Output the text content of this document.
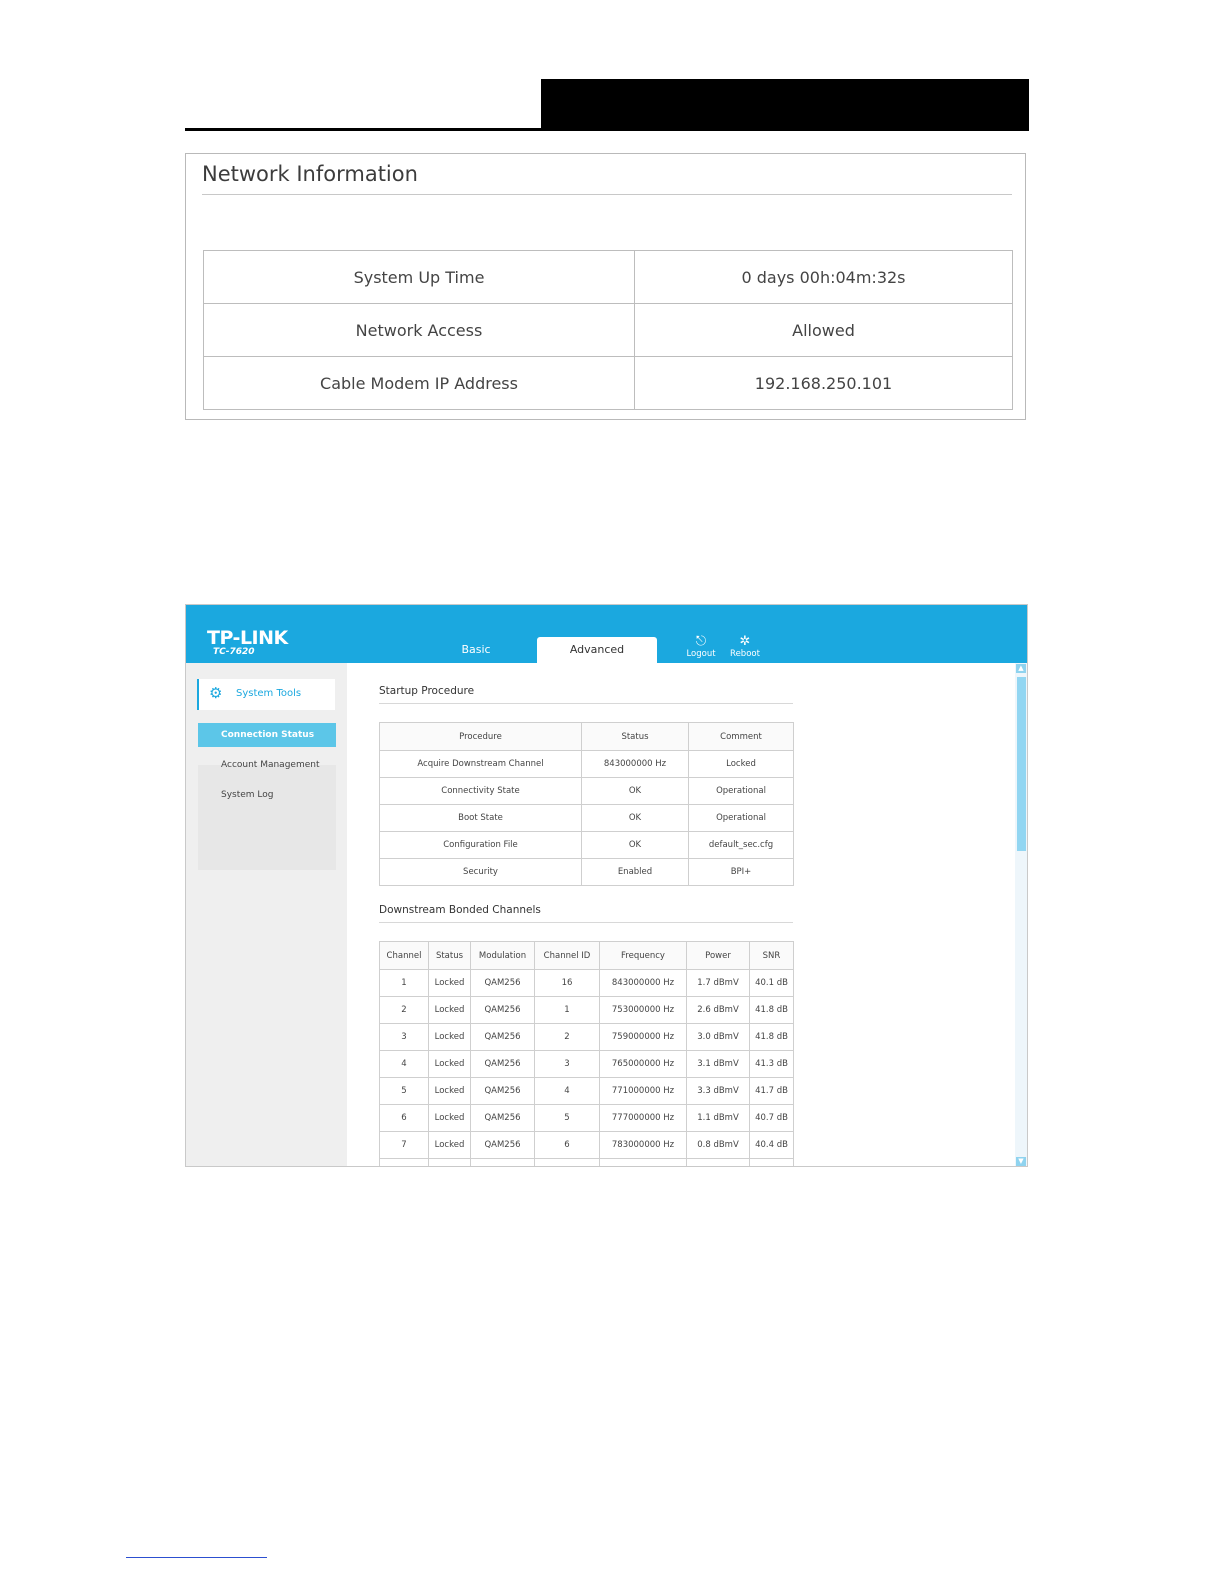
Network Information
System Up Time	0 days 00h:04m:32s
Network Access	Allowed
Cable Modem IP Address	192.168.250.101
TP-LINK
TC-7620	Basic	Advanced
⎋
Logout
✲
Reboot
⚙ System Tools
Connection Status
Account Management
System Log
Startup Procedure
Procedure	Status	Comment
Acquire Downstream Channel	843000000 Hz	Locked
Connectivity State	OK	Operational
Boot State	OK	Operational
Configuration File	OK	default_sec.cfg
Security	Enabled	BPI+
Downstream Bonded Channels
Channel	Status	Modulation	Channel ID	Frequency	Power	SNR
1	Locked	QAM256	16	843000000 Hz	1.7 dBmV	40.1 dB
2	Locked	QAM256	1	753000000 Hz	2.6 dBmV	41.8 dB
3	Locked	QAM256	2	759000000 Hz	3.0 dBmV	41.8 dB
4	Locked	QAM256	3	765000000 Hz	3.1 dBmV	41.3 dB
5	Locked	QAM256	4	771000000 Hz	3.3 dBmV	41.7 dB
6	Locked	QAM256	5	777000000 Hz	1.1 dBmV	40.7 dB
7	Locked	QAM256	6	783000000 Hz	0.8 dBmV	40.4 dB

▲
▼
